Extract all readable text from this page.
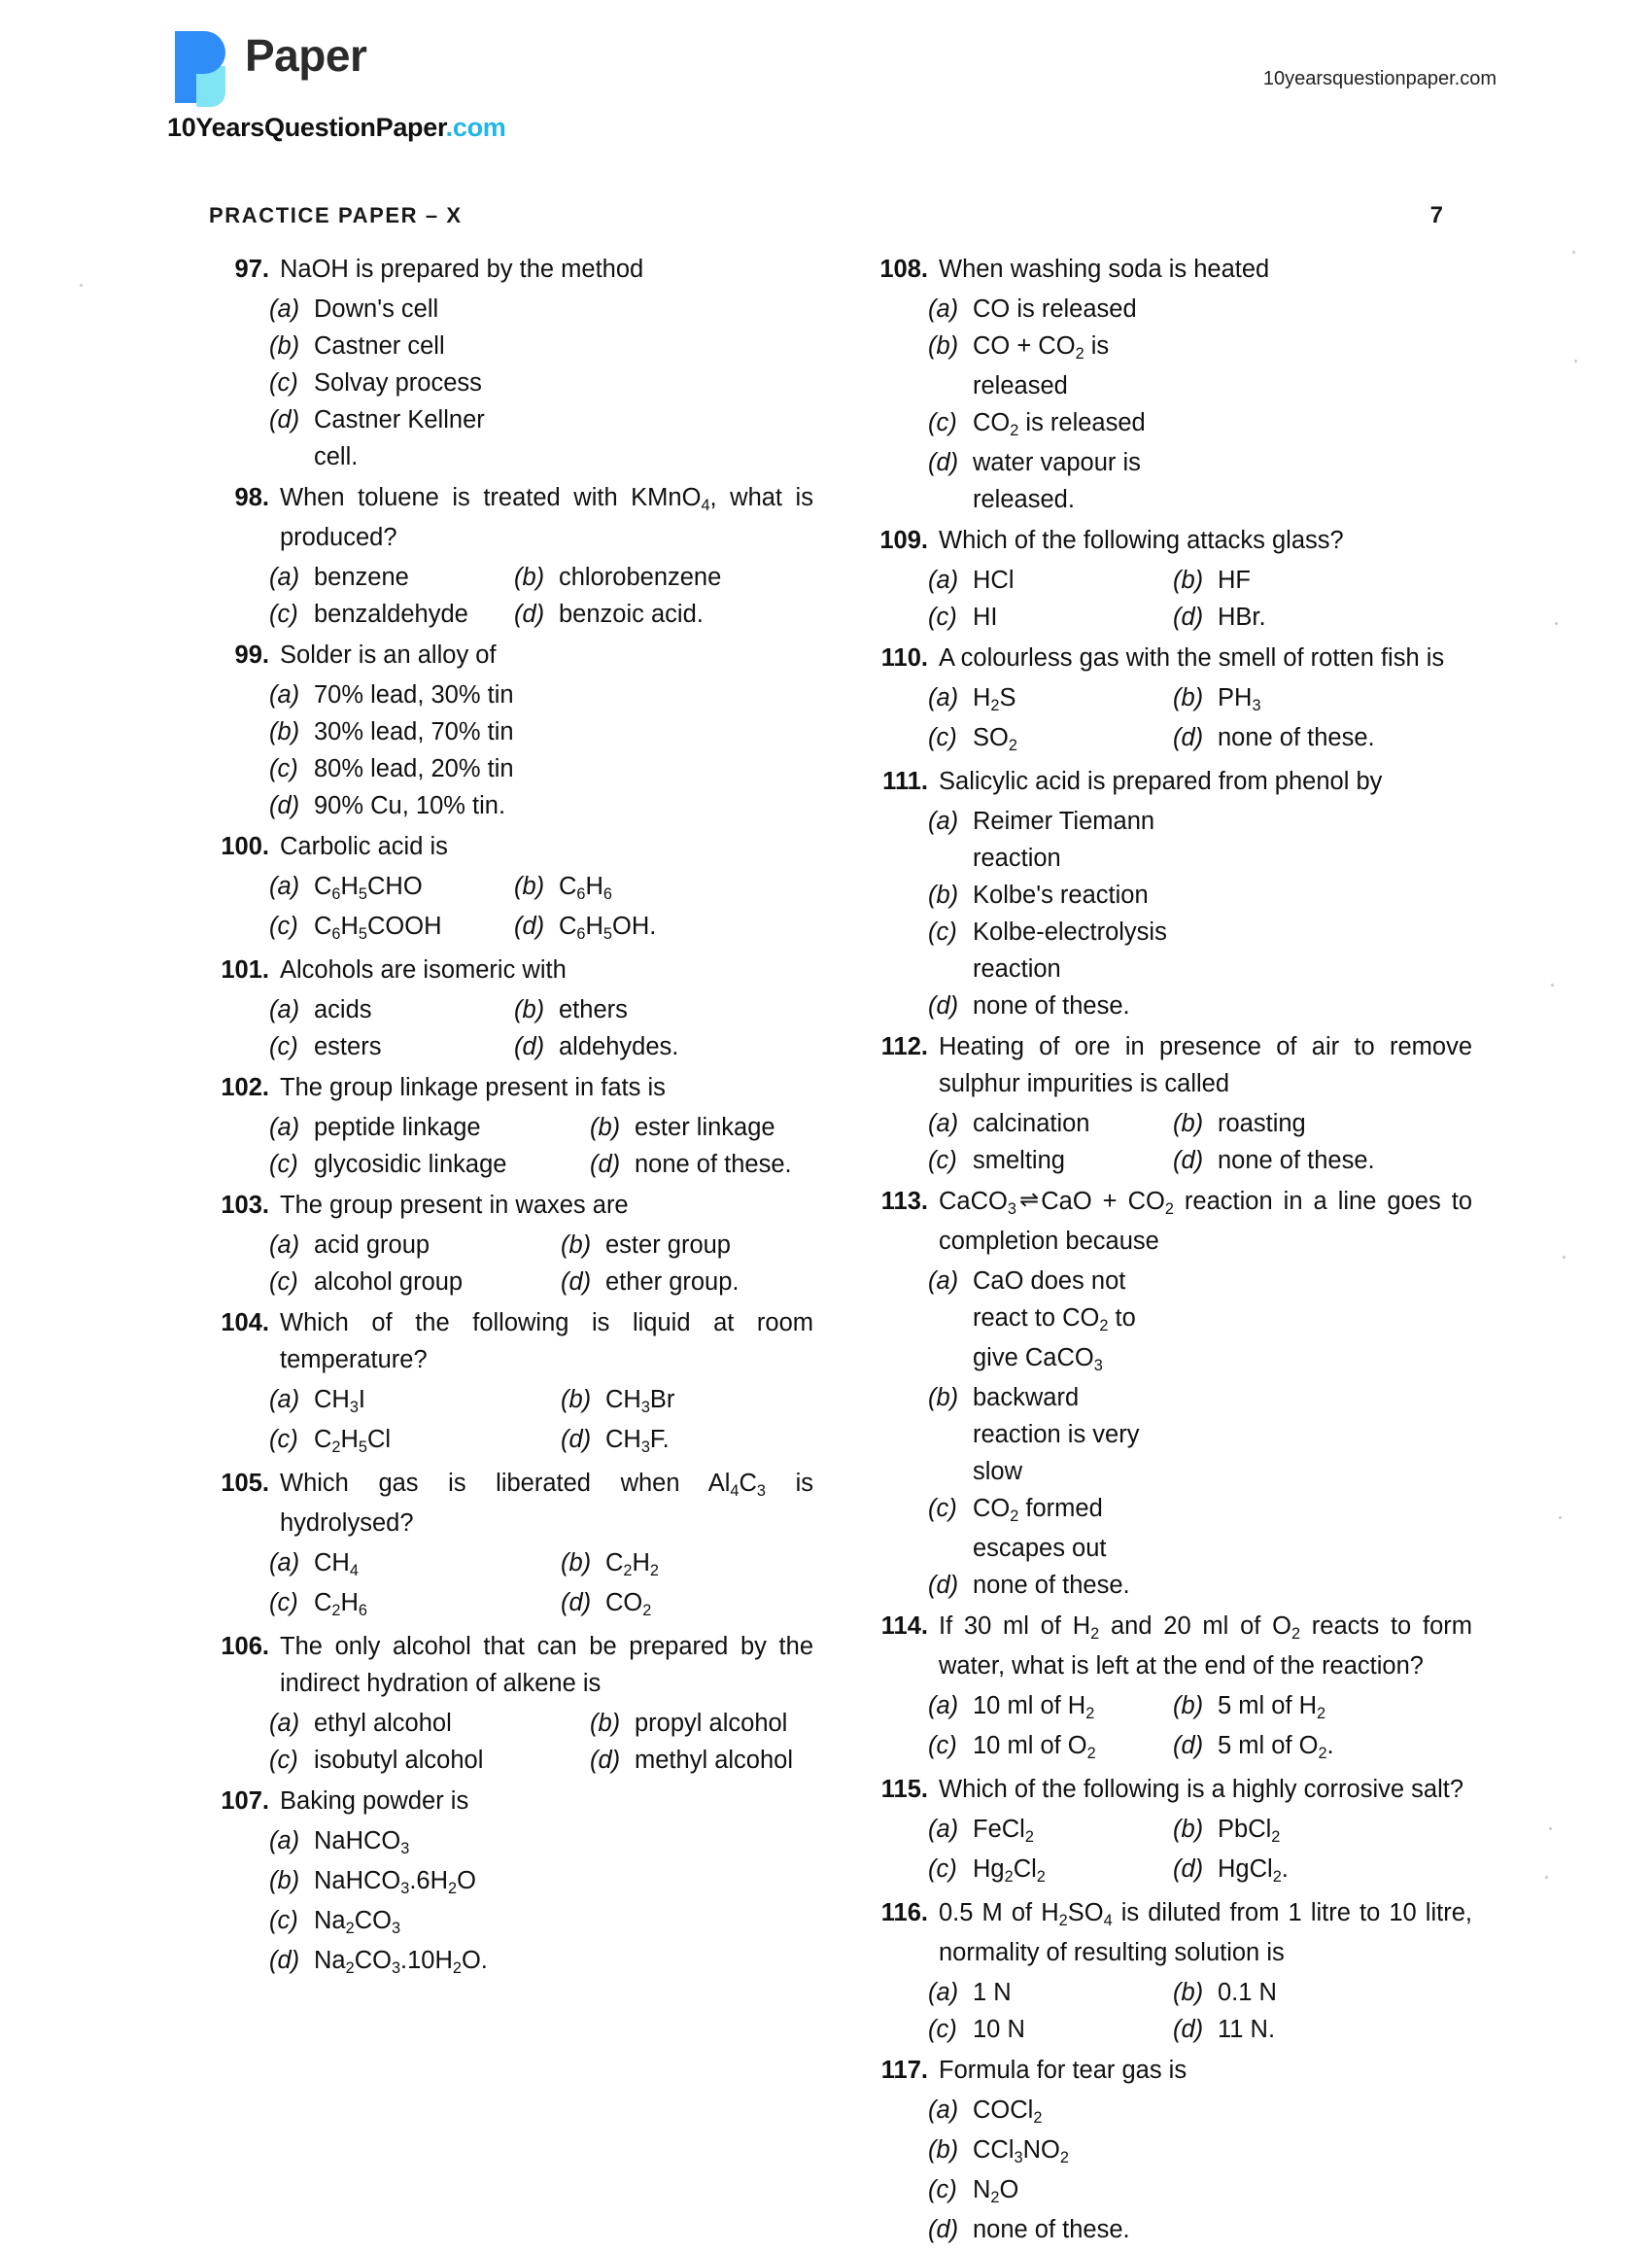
Paper
10YearsQuestionPaper.com
10yearsquestionpaper.com
PRACTICE PAPER – X	7
97. NaOH is prepared by the method
(a) Down's cell
(b) Castner cell
(c) Solvay process
(d) Castner Kellner cell.
98. When toluene is treated with KMnO$_4$, what is produced?
(a) benzene	(b) chlorobenzene
(c) benzaldehyde (d) benzoic acid.
99. Solder is an alloy of
(a) 70% lead, 30% tin
(b) 30% lead, 70% tin
(c) 80% lead, 20% tin
(d) 90% Cu, 10% tin.
100. Carbolic acid is
(a) $C_6H_5CHO$	(b) $C_6H_6$
(c) $C_6H_5COOH$	(d) $C_6H_5OH$.
101. Alcohols are isomeric with
(a) acids	(b) ethers
(c) esters	(d) aldehydes.
102. The group linkage present in fats is
(a) peptide linkage	(b) ester linkage
(c) glycosidic linkage	(d) none of these.
103. The group present in waxes are
(a) acid group	(b) ester group
(c) alcohol group	(d) ether group.
104. Which of the following is liquid at room temperature?
(a) $CH_3I$	(b) $CH_3Br$
(c) $C_2H_5Cl$	(d) $CH_3F$.
105. Which gas is liberated when $Al_4C_3$ is hydrolysed?
(a) $CH_4$	(b) $C_2H_2$
(c) $C_2H_6$	(d) $CO_2$
106. The only alcohol that can be prepared by the indirect hydration of alkene is
(a) ethyl alcohol	(b) propyl alcohol
(c) isobutyl alcohol	(d) methyl alcohol
107. Baking powder is
(a) NaHCO$_3$
(b) $NaHCO_3.6H_2O$
(c) $Na_2CO_3$
(d) $Na_2CO_3.10H_2O$.
108. When washing soda is heated
(a) CO is released
(b) CO + $CO_2$ is released
(c) $CO_2$ is released
(d) water vapour is released.
109. Which of the following attacks glass?
(a) HCl	(b) HF
(c) HI	(d) HBr.
110. A colourless gas with the smell of rotten fish is
(a) $H_2S$	(b) $PH_3$
(c) $SO_2$	(d) none of these.
111. Salicylic acid is prepared from phenol by
(a) Reimer Tiemann reaction
(b) Kolbe's reaction
(c) Kolbe-electrolysis reaction
(d) none of these.
112. Heating of ore in presence of air to remove sulphur impurities is called
(a) calcination	(b) roasting
(c) smelting	(d) none of these.
113. CaCO$_3$ ⇌ CaO + $CO_2$ reaction in a line goes to completion because
(a) CaO does not react to $CO_2$ to give CaCO$_3$
(b) backward reaction is very slow
(c) $CO_2$ formed escapes out
(d) none of these.
114. If 30 ml of $H_2$ and 20 ml of $O_2$ reacts to form water, what is left at the end of the reaction?
(a) 10 ml of $H_2$	(b) 5 ml of $H_2$
(c) 10 ml of $O_2$	(d) 5 ml of $O_2$.
115. Which of the following is a highly corrosive salt?
(a) FeCl$_2$	(b) PbCl$_2$
(c) $Hg_2Cl_2$	(d) HgCl$_2$.
116. 0.5 M of $H_2SO_4$ is diluted from 1 litre to 10 litre, normality of resulting solution is
(a) 1 N	(b) 0.1 N
(c) 10 N	(d) 11 N.
117. Formula for tear gas is
(a) COCl$_2$
(b) $CCl_3NO_2$
(c) $N_2O$
(d) none of these.
